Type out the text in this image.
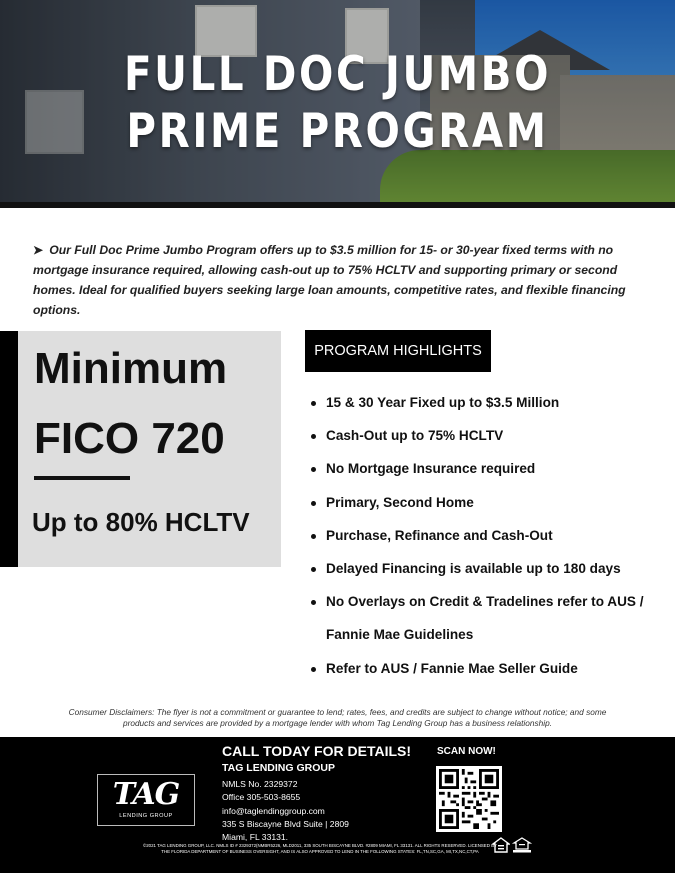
FULL DOC JUMBO
PRIME PROGRAM
➤ Our Full Doc Prime Jumbo Program offers up to $3.5 million for 15- or 30-year fixed terms with no mortgage insurance required, allowing cash-out up to 75% HCLTV and supporting primary or second homes. Ideal for qualified buyers seeking large loan amounts, competitive rates, and flexible financing options.
Minimum
FICO 720
Up to 80% HCLTV
PROGRAM HIGHLIGHTS
15 & 30 Year Fixed up to $3.5 Million
Cash-Out up to 75% HCLTV
No Mortgage Insurance required
Primary, Second Home
Purchase, Refinance and Cash-Out
Delayed Financing is available up to 180 days
No Overlays on Credit & Tradelines refer to AUS /
Fannie Mae Guidelines
Refer to AUS / Fannie Mae Seller Guide
Consumer Disclaimers: The flyer is not a commitment or guarantee to lend; rates, fees, and credits are subject to change without notice; and some products and services are provided by a mortgage lender with whom Tag Lending Group has a business relationship.
TAG
LENDING GROUP
CALL TODAY FOR DETAILS!
TAG LENDING GROUP
NMLS No. 2329372
Office 305-503-8655
info@taglendinggroup.com
335 S Biscayne Blvd Suite | 2809
Miami, FL 33131.
SCAN NOW!
©2021 TAG LENDING GROUP, LLC. NMLS ID # 2329372(NMBR5226, MLD2011, 335 SOUTH BISCAYNE BLVD. #2809 MIAMI, FL 33131. ALL RIGHTS RESERVED. LICENSED BY THE FLORIDA DEPARTMENT OF BUSINESS OVERSIGHT, AND IS ALSO APPROVED TO LEND IN THE FOLLOWING STATES: FL,TN,SC,GA, MI,TX,NC,CT,PA
